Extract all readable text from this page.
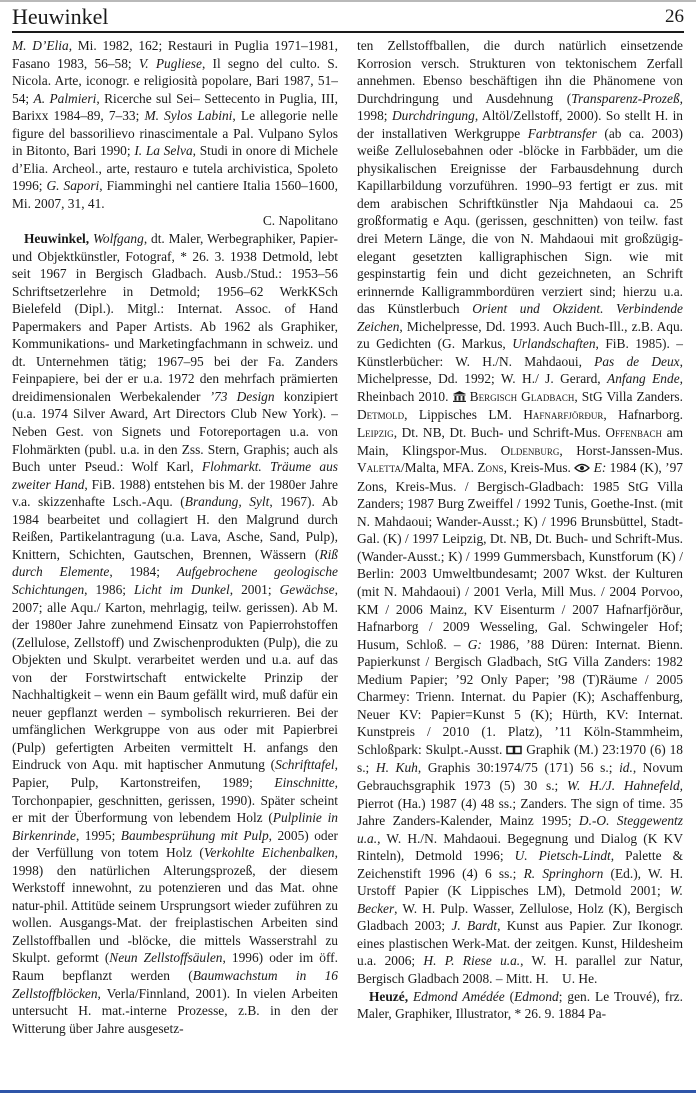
Heuwinkel	26

M. D’Elia, Mi. 1982, 162; Restauri in Puglia 1971–1981, Fasano 1983, 56–58; V. Pugliese, Il segno del culto. S. Nicola. Arte, iconogr. e religiosità popolare, Bari 1987, 51–54; A. Palmieri, Ricerche sul Sei– Settecento in Puglia, III, Barixx 1984–89, 7–33; M. Sylos Labini, Le allegorie nelle figure del bassorilievo rinascimentale a Pal. Vulpano Sylos in Bitonto, Bari 1990; I. La Selva, Studi in onore di Michele d’Elia. Archeol., arte, restauro e tutela archivistica, Spoleto 1996; G. Sapori, Fiamminghi nel cantiere Italia 1560–1600, Mi. 2007, 31, 41.

C. Napolitano

Heuwinkel, Wolfgang, dt. Maler, Werbegraphiker, Papier- und Objektkünstler, Fotograf, * 26. 3. 1938 Detmold, lebt seit 1967 in Bergisch Gladbach. Ausb./Stud.: 1953–56 Schriftsetzerlehre in Detmold; 1956–62 WerkKSch Bielefeld (Dipl.). Mitgl.: Internat. Assoc. of Hand Papermakers and Paper Artists. Ab 1962 als Graphiker, Kommunikations- und Marketingfachmann in schweiz. und dt. Unternehmen tätig; 1967–95 bei der Fa. Zanders Feinpapiere, bei der er u.a. 1972 den mehrfach prämierten dreidimensionalen Werbekalender ’73 Design konzipiert (u.a. 1974 Silver Award, Art Directors Club New York). – Neben Gest. von Signets und Fotoreportagen u.a. von Flohmärkten (publ. u.a. in den Zss. Stern, Graphis; auch als Buch unter Pseud.: Wolf Karl, Flohmarkt. Träume aus zweiter Hand, FiB. 1988) entstehen bis M. der 1980er Jahre v.a. skizzenhafte Lsch.-Aqu. (Brandung, Sylt, 1967). Ab 1984 bearbeitet und collagiert H. den Malgrund durch Reißen, Partikelantragung (u.a. Lava, Asche, Sand, Pulp), Knittern, Schichten, Gautschen, Brennen, Wässern (Riß durch Elemente, 1984; Aufgebrochene geologische Schichtungen, 1986; Licht im Dunkel, 2001; Gewächse, 2007; alle Aqu./ Karton, mehrlagig, teilw. gerissen). Ab M. der 1980er Jahre zunehmend Einsatz von Papierrohstoffen (Zellulose, Zellstoff) und Zwischenprodukten (Pulp), die zu Objekten und Skulpt. verarbeitet werden und u.a. auf das von der Forstwirtschaft entwickelte Prinzip der Nachhaltigkeit – wenn ein Baum gefällt wird, muß dafür ein neuer gepflanzt werden – symbolisch rekurrieren. Bei der umfänglichen Werkgruppe von aus oder mit Papierbrei (Pulp) gefertigten Arbeiten vermittelt H. anfangs den Eindruck von Aqu. mit haptischer Anmutung (Schrifttafel, Papier, Pulp, Kartonstreifen, 1989; Einschnitte, Torchonpapier, geschnitten, gerissen, 1990). Später scheint er mit der Überformung von lebendem Holz (Pulplinie in Birkenrinde, 1995; Baumbesprühung mit Pulp, 2005) oder der Verfüllung von totem Holz (Verkohlte Eichenbalken, 1998) den natürlichen Alterungsprozeß, der diesem Werkstoff innewohnt, zu potenzieren und das Mat. ohne natur-phil. Attitüde seinem Ursprungsort wieder zuführen zu wollen. Ausgangs-Mat. der freiplastischen Arbeiten sind Zellstoffballen und -blöcke, die mittels Wasserstrahl zu Skulpt. geformt (Neun Zellstoffsäulen, 1996) oder im öff. Raum bepflanzt werden (Baumwachstum in 16 Zellstoffblöcken, Verla/Finnland, 2001). In vielen Arbeiten untersucht H. mat.-interne Prozesse, z.B. in den der Witterung über Jahre ausgesetz-

ten Zellstoffballen, die durch natürlich einsetzende Korrosion versch. Strukturen von tektonischem Zerfall annehmen. Ebenso beschäftigen ihn die Phänomene von Durchdringung und Ausdehnung (Transparenz-Prozeß, 1998; Durchdringung, Altöl/Zellstoff, 2000). So stellt H. in der installativen Werkgruppe Farbtransfer (ab ca. 2003) weiße Zellulosebahnen oder -blöcke in Farbbäder, um die physikalischen Ereignisse der Farbausdehnung durch Kapillarbildung vorzuführen. 1990–93 fertigt er zus. mit dem arabischen Schriftkünstler Nja Mahdaoui ca. 25 großformatig e Aqu. (gerissen, geschnitten) von teilw. fast drei Metern Länge, die von N. Mahdaoui mit großzügig-elegant gesetzten kalligraphischen Sign. wie mit gespinstartig fein und dicht gezeichneten, an Schrift erinnernde Kalligrammbordüren verziert sind; hierzu u.a. das Künstlerbuch Orient und Okzident. Verbindende Zeichen, Michelpresse, Dd. 1993. Auch Buch-Ill., z.B. Aqu. zu Gedichten (G. Markus, Urlandschaften, FiB. 1985). – Künstlerbücher: W. H./N. Mahdaoui, Pas de Deux, Michelpresse, Dd. 1992; W. H./ J. Gerard, Anfang Ende, Rheinbach 2010.  Bergisch Gladbach, StG Villa Zanders. Detmold, Lippisches LM. Hafnarfjörður, Hafnarborg. Leipzig, Dt. NB, Dt. Buch- und Schrift-Mus. Offenbach am Main, Klingspor-Mus. Oldenburg, Horst-Janssen-Mus. Valetta/Malta, MFA. Zons, Kreis-Mus.  E: 1984 (K), ’97 Zons, Kreis-Mus. / Bergisch-Gladbach: 1985 StG Villa Zanders; 1987 Burg Zweiffel / 1992 Tunis, Goethe-Inst. (mit N. Mahdaoui; Wander-Ausst.; K) / 1996 Brunsbüttel, Stadt-Gal. (K) / 1997 Leipzig, Dt. NB, Dt. Buch- und Schrift-Mus. (Wander-Ausst.; K) / 1999 Gummersbach, Kunstforum (K) / Berlin: 2003 Umweltbundesamt; 2007 Wkst. der Kulturen (mit N. Mahdaoui) / 2001 Verla, Mill Mus. / 2004 Porvoo, KM / 2006 Mainz, KV Eisenturm / 2007 Hafnarfjörður, Hafnarborg / 2009 Wesseling, Gal. Schwingeler Hof; Husum, Schloß. – G: 1986, ’88 Düren: Internat. Bienn. Papierkunst / Bergisch Gladbach, StG Villa Zanders: 1982 Medium Papier; ’92 Only Paper; ’98 (T)Räume / 2005 Charmey: Trienn. Internat. du Papier (K); Aschaffenburg, Neuer KV: Papier=Kunst 5 (K); Hürth, KV: Internat. Kunstpreis / 2010 (1. Platz), ’11 Köln-Stammheim, Schloßpark: Skulpt.-Ausst.  Graphik (M.) 23:1970 (6) 18 s.; H. Kuh, Graphis 30:1974/75 (171) 56 s.; id., Novum Gebrauchsgraphik 1973 (5) 30 s.; W. H./J. Hahnefeld, Pierrot (Ha.) 1987 (4) 48 ss.; Zanders. The sign of time. 35 Jahre Zanders-Kalender, Mainz 1995; D.-O. Steggewentz u.a., W. H./N. Mahdaoui. Begegnung und Dialog (K KV Rinteln), Detmold 1996; U. Pietsch-Lindt, Palette & Zeichenstift 1996 (4) 6 ss.; R. Springhorn (Ed.), W. H. Urstoff Papier (K Lippisches LM), Detmold 2001; W. Becker, W. H. Pulp. Wasser, Zellulose, Holz (K), Bergisch Gladbach 2003; J. Bardt, Kunst aus Papier. Zur Ikonogr. eines plastischen Werk-Mat. der zeitgen. Kunst, Hildesheim u.a. 2006; H. P. Riese u.a., W. H. parallel zur Natur, Bergisch Gladbach 2008. – Mitt. H. U. He.

Heuzé, Edmond Amédée (Edmond; gen. Le Trouvé), frz. Maler, Graphiker, Illustrator, * 26. 9. 1884 Pa-
